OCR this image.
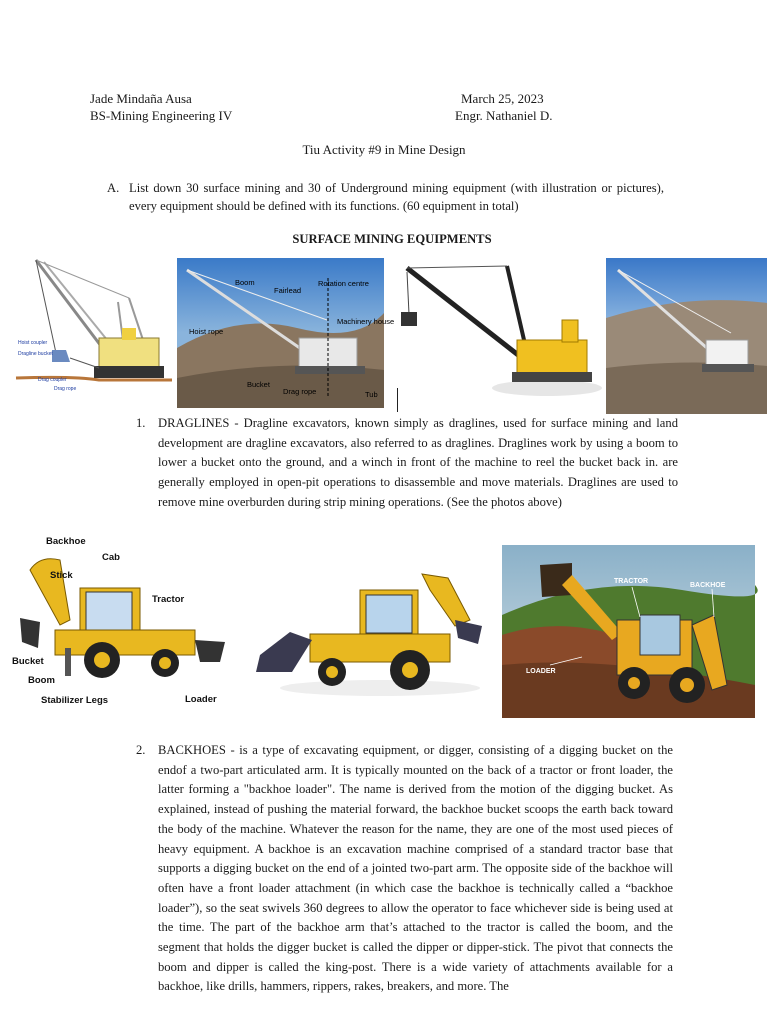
Jade Mindaña Ausa
BS-Mining Engineering IV
March 25, 2023
Engr. Nathaniel D.
Tiu Activity #9 in Mine Design
A. List down 30 surface mining and 30 of Underground mining equipment (with illustration or pictures), every equipment should be defined with its functions. (60 equipment in total)
SURFACE MINING EQUIPMENTS
Hoist coupler
Dragline bucket
Drag coupler
Drag rope
Boom
Fairlead
Rotation centre
Machinery house
Hoist rope
Bucket
Drag rope	Tub
1. DRAGLINES - Dragline excavators, known simply as draglines, used for surface mining and land development are dragline excavators, also referred to as draglines. Draglines work by using a boom to lower a bucket onto the ground, and a winch in front of the machine to reel the bucket back in. are generally employed in open-pit operations to disassemble and move materials. Draglines are used to remove mine overburden during strip mining operations. (See the photos above)
Backhoe
Cab
Stick
Tractor
Bucket
Boom
Stabilizer Legs	Loader
TRACTOR
BACKHOE
LOADER
2. BACKHOES - is a type of excavating equipment, or digger, consisting of a digging bucket on the endof a two-part articulated arm. It is typically mounted on the back of a tractor or front loader, the latter forming a "backhoe loader". The name is derived from the motion of the digging bucket. As explained, instead of pushing the material forward, the backhoe bucket scoops the earth back toward the body of the machine. Whatever the reason for the name, they are one of the most used pieces of heavy equipment. A backhoe is an excavation machine comprised of a standard tractor base that supports a digging bucket on the end of a jointed two-part arm. The opposite side of the backhoe will often have a front loader attachment (in which case the backhoe is technically called a “backhoe loader”), so the seat swivels 360 degrees to allow the operator to face whichever side is being used at the time. The part of the backhoe arm that’s attached to the tractor is called the boom, and the segment that holds the digger bucket is called the dipper or dipper-stick. The pivot that connects the boom and dipper is called the king-post. There is a wide variety of attachments available for a backhoe, like drills, hammers, rippers, rakes, breakers, and more. The
